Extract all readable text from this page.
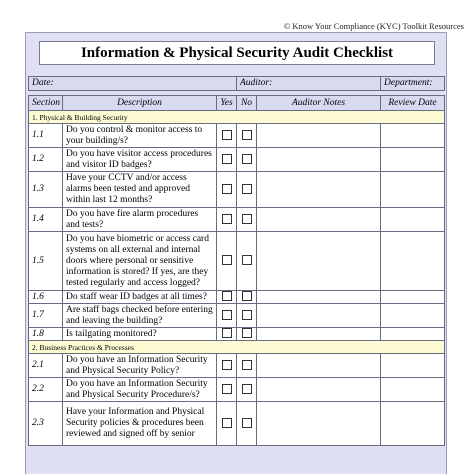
© Know Your Compliance (KYC) Toolkit Resources
Information & Physical Security Audit Checklist
Date:			Auditor:		Department:

Section	Description	Yes	No	Auditor Notes	Review Date
1. Physical & Building Security					
1.1	Do you control & monitor access to your building/s?				
1.2	Do you have visitor access procedures and visitor ID badges?				
1.3	Have your CCTV and/or access alarms been tested and approved within last 12 months?				
1.4	Do you have fire alarm procedures and tests?				
1.5	Do you have biometric or access card systems on all external and internal doors where personal or sensitive information is stored? If yes, are they tested regularly and access logged?				
1.6	Do staff wear ID badges at all times?				
1.7	Are staff bags checked before entering and leaving the building?				
1.8	Is tailgating monitored?				
2. Business Practices & Processes					
2.1	Do you have an Information Security and Physical Security Policy?				
2.2	Do you have an Information Security and Physical Security Procedure/s?				
2.3	Have your Information and Physical Security policies & procedures been reviewed and signed off by senior				
